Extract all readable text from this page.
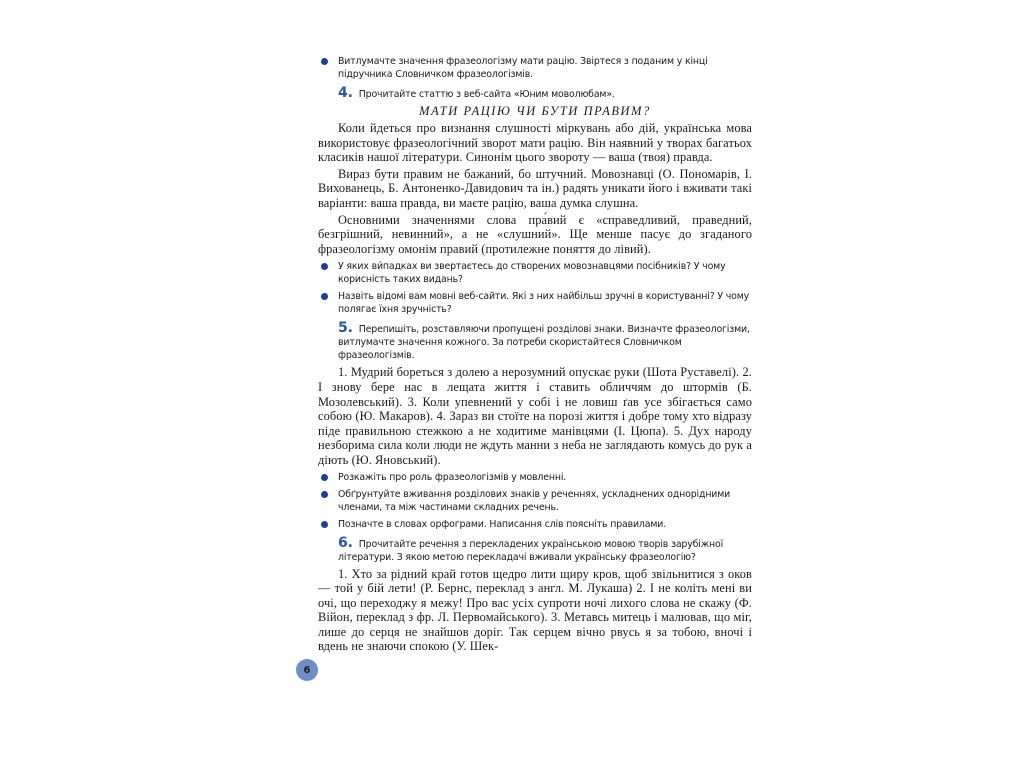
Витлумачте значення фразеологізму мати рацію. Звіртеся з поданим у кінці підручника Словничком фразеологізмів.
4. Прочитайте статтю з веб-сайта «Юним моволюбам».
МАТИ РАЦІЮ ЧИ БУТИ ПРАВИМ?
Коли йдеться про визнання слушності міркувань або дій, українська мова використовує фразеологічний зворот мати рацію. Він наявний у творах багатьох класиків нашої літератури. Синонім цього звороту — ваша (твоя) правда.
Вираз бути правим не бажаний, бо штучний. Мовознавці (О. Пономарів, І. Вихованець, Б. Антоненко-Давидович та ін.) радять уникати його і вживати такі варіанти: ваша правда, ви маєте рацію, ваша думка слушна.
Основними значеннями слова пра́вий є «справедливий, праведний, безгрішний, невинний», а не «слушний». Ще менше пасує до згаданого фразеологізму омонім правий (протилежне поняття до лівий).
У яких ви́падках ви звертаєтесь до створених мовознавцями посібників? У чому корисність таких видань?
Назвіть відомі вам мовні веб-сайти. Які з них найбільш зручні в користуванні? У чому полягає їхня зручність?
5. Перепишіть, розставляючи пропущені розділові знаки. Визначте фразеологізми, витлумачте значення кожного. За потреби скористайтеся Словничком фразеологізмів.
1. Мудрий бореться з долею а нерозумний опускає руки (Шота Руставелі). 2. І знову бере нас в лещата життя і ставить обличчям до штормів (Б. Мозолевський). 3. Коли упевнений у собі і не ловиш ґав усе збігається само собою (Ю. Макаров). 4. Зараз ви стоїте на порозі життя і добре тому хто відразу піде правильною стежкою а не ходитиме манівцями (І. Цюпа). 5. Дух народу незборима сила коли люди не ждуть манни з неба не заглядають комусь до рук а діють (Ю. Яновський).
Розкажіть про роль фразеологізмів у мовленні.
Обґрунтуйте вживання розділових знаків у реченнях, ускладнених однорідними членами, та між частинами складних речень.
Позначте в словах орфограми. Написання слів поясніть правилами.
6. Прочитайте речення з перекладених українською мовою творів зарубіжної літератури. З якою метою перекладачі вживали українську фразеологію?
1. Хто за рідний край готов щедро лити щиру кров, щоб звільнитися з оков — той у бій лети! (Р. Бернс, переклад з англ. М. Лукаша) 2. І не колiть мені ви очі, що переходжу я межу! Про вас усіх супроти ночі лихого слова не скажу (Ф. Війон, переклад з фр. Л. Первомайського). 3. Метавсь митець і малював, що міг, лише до серця не знайшов доріг. Так серцем вічно рвусь я за тобою, вночі і вдень не знаючи спокою (У. Шек-
6
